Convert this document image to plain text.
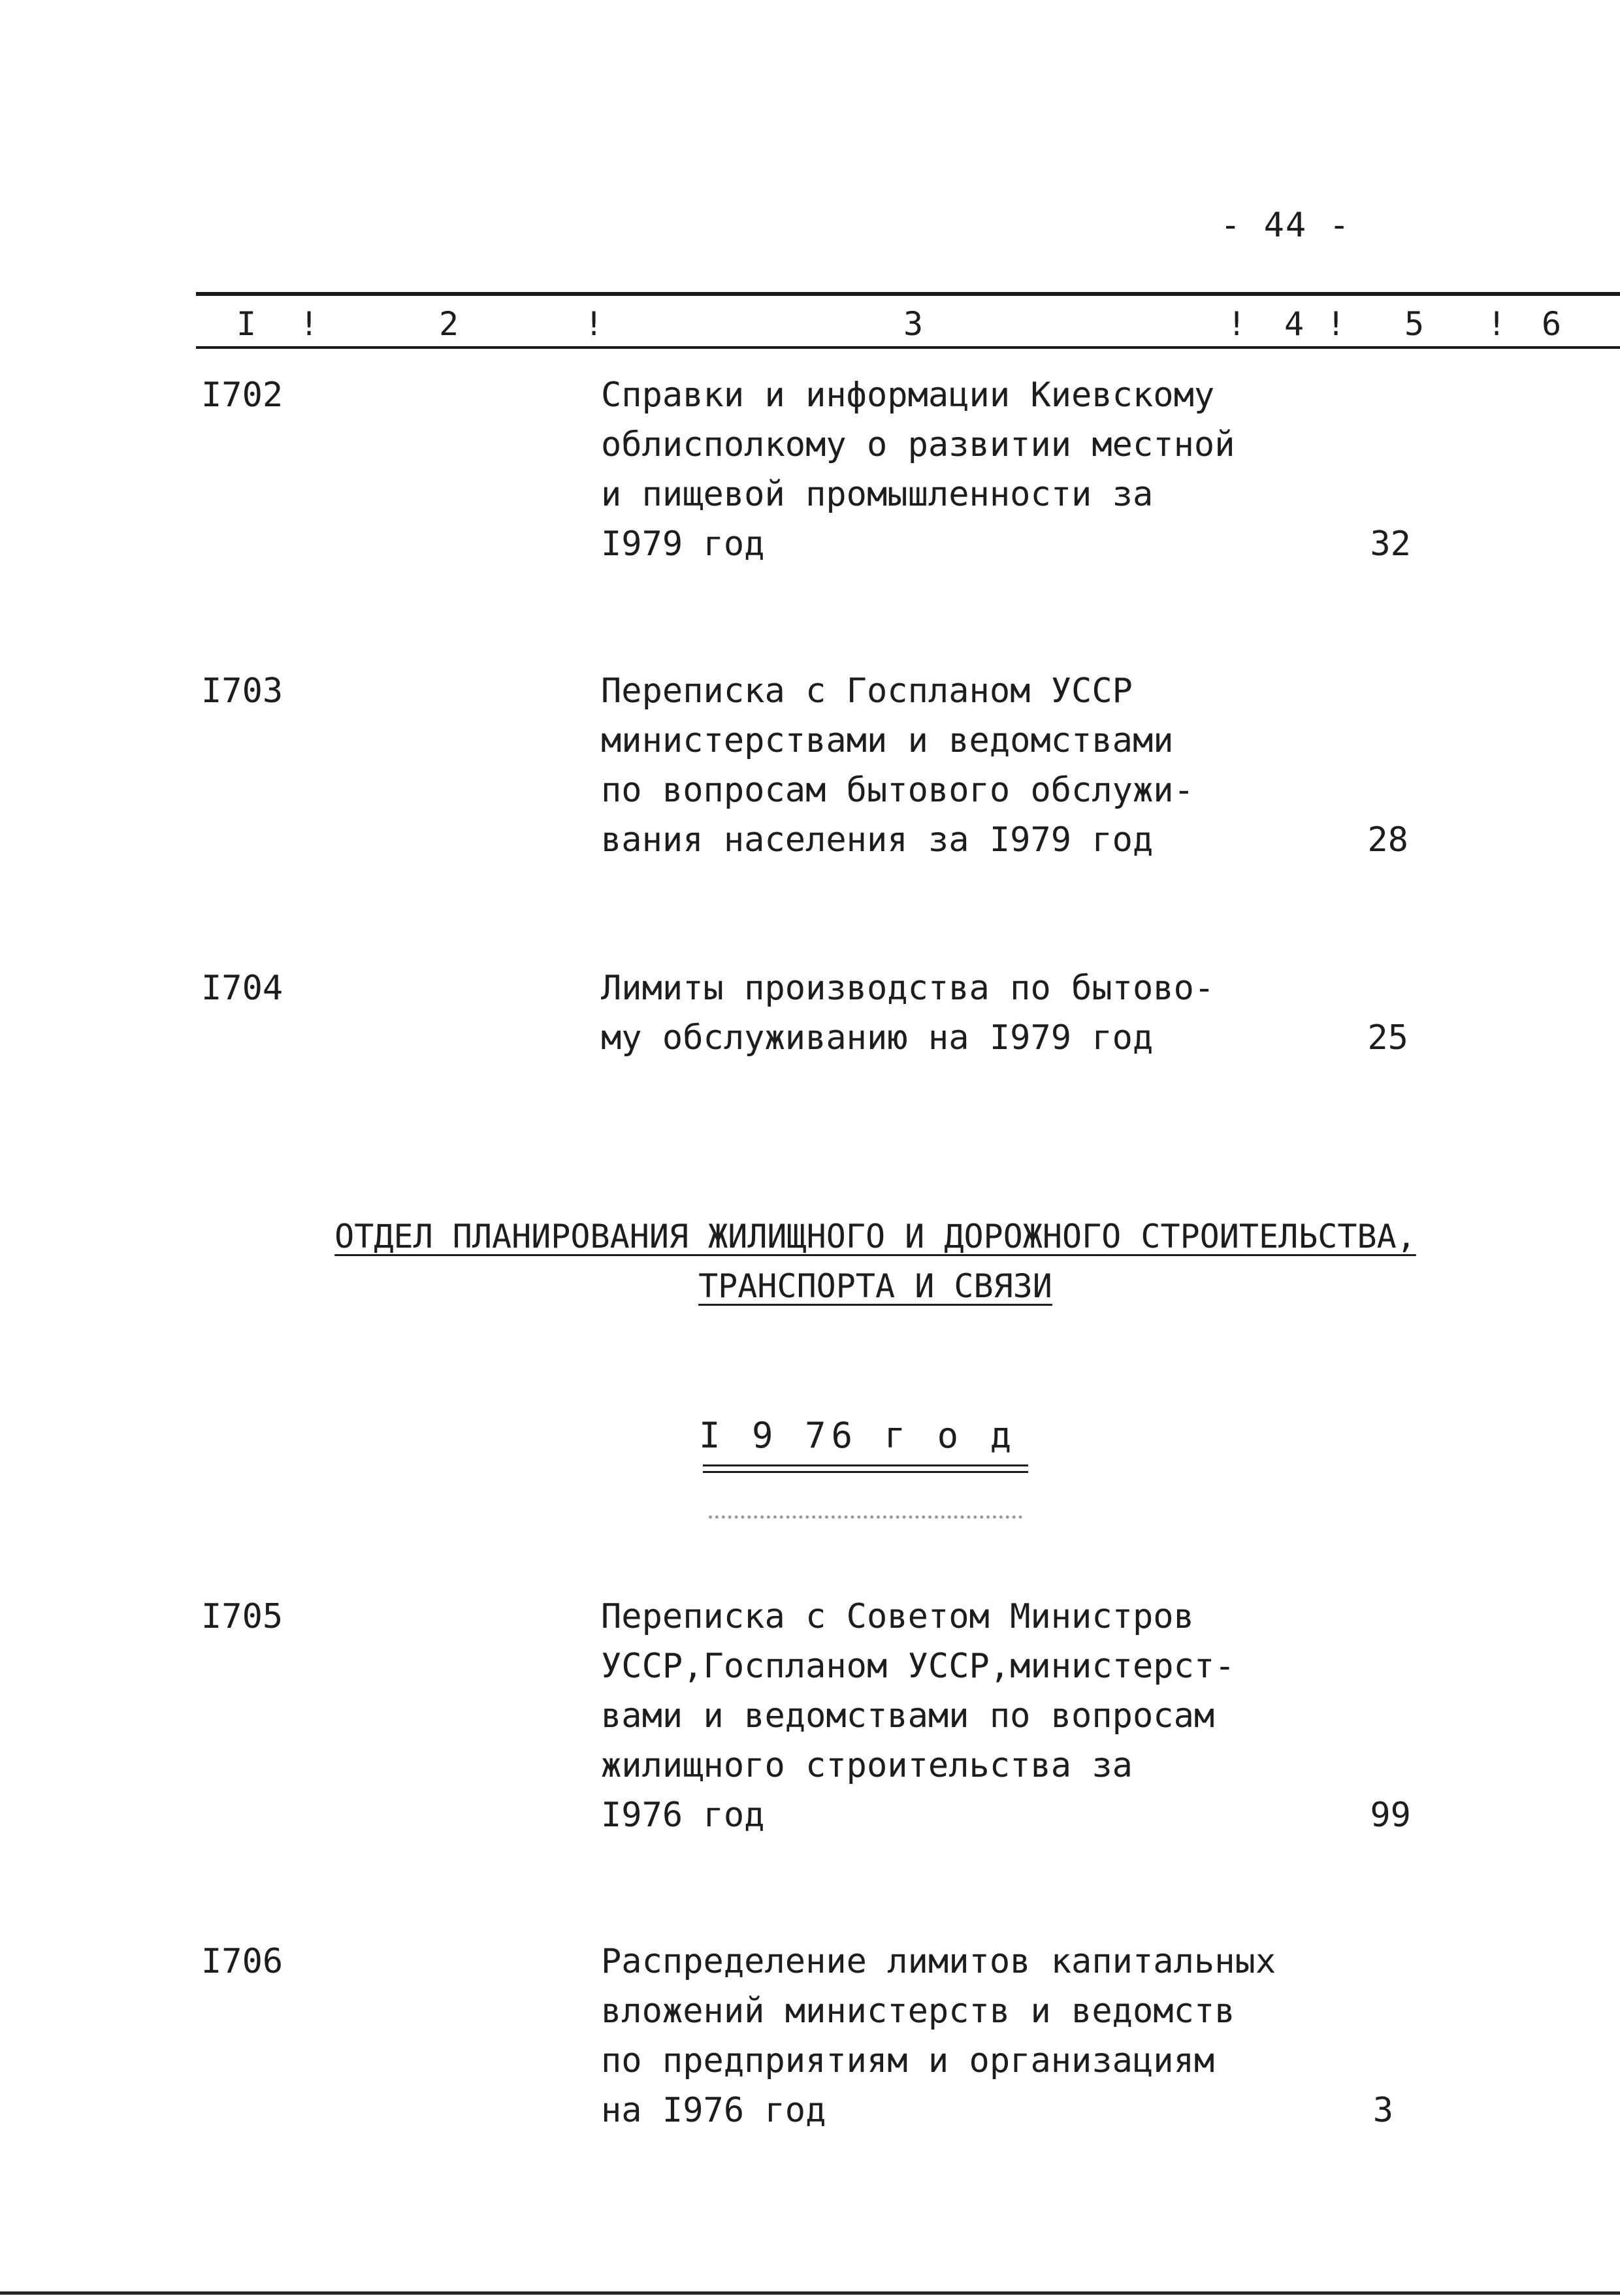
- 44 -
I !	2	!	3	! 4 ! 5 ! 6
I702	Справки и информации Киевскому
облисполкому о развитии местной
и пищевой промышленности за
I979 год	32
I703	Переписка с Госпланом УССР
министерствами и ведомствами
по вопросам бытового обслужи-
вания населения за I979 год	28
I704	Лимиты производства по бытово-
му обслуживанию на I979 год	25
ОТДЕЛ ПЛАНИРОВАНИЯ ЖИЛИЩНОГО И ДОРОЖНОГО СТРОИТЕЛЬСТВА,
ТРАНСПОРТА И СВЯЗИ
I 9 76 г о д
I705	Переписка с Советом Министров
УССР,Госпланом УССР,министерст-
вами и ведомствами по вопросам
жилищного строительства за
I976 год	99
I706	Распределение лимитов капитальных
вложений министерств и ведомств
по предприятиям и организациям
на I976 год	3
